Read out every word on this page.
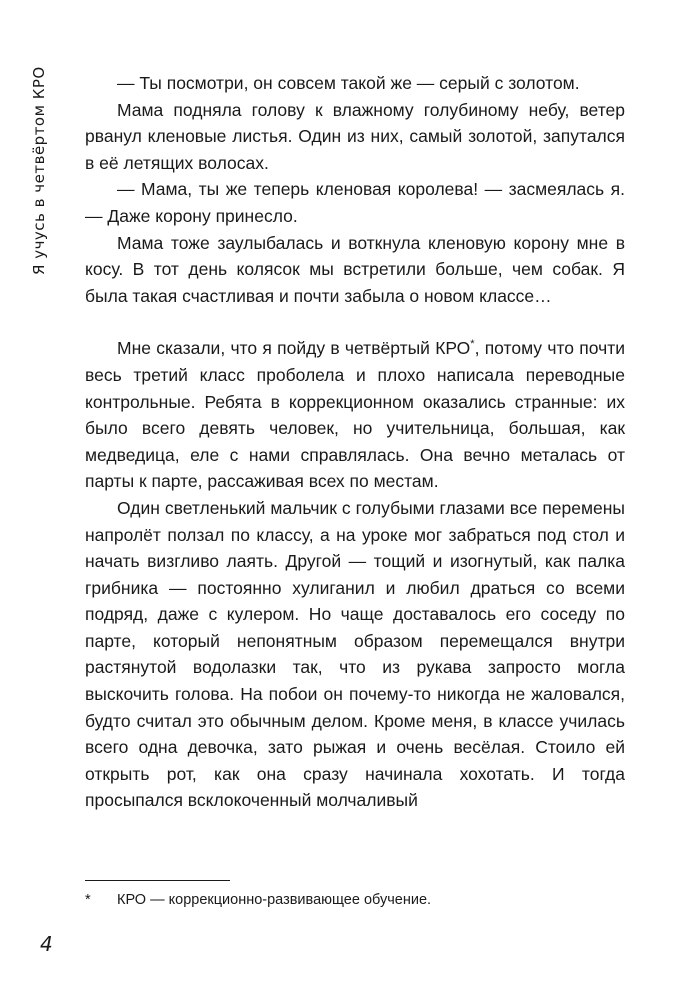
Я учусь в четвёртом КРО	— Ты посмотри, он совсем такой же — серый с золотом.

Мама подняла голову к влажному голубиному небу, ветер рванул кленовые листья. Один из них, самый золотой, запутался в её летящих волосах.

— Мама, ты же теперь кленовая королева! — засмеялась я. — Даже корону принесло.

Мама тоже заулыбалась и воткнула кленовую корону мне в косу. В тот день колясок мы встретили больше, чем собак. Я была такая счастливая и почти забыла о новом классе…

Мне сказали, что я пойду в четвёртый КРО*, потому что почти весь третий класс проболела и плохо написала переводные контрольные. Ребята в коррекционном оказались странные: их было всего девять человек, но учительница, большая, как медведица, еле с нами справлялась. Она вечно металась от парты к парте, рассаживая всех по местам.

Один светленький мальчик с голубыми глазами все перемены напролёт ползал по классу, а на уроке мог забраться под стол и начать визгливо лаять. Другой — тощий и изогнутый, как палка грибника — постоянно хулиганил и любил драться со всеми подряд, даже с кулером. Но чаще доставалось его соседу по парте, который непонятным образом перемещался внутри растянутой водолазки так, что из рукава запросто могла выскочить голова. На побои он почему-то никогда не жаловался, будто считал это обычным делом. Кроме меня, в классе училась всего одна девочка, зато рыжая и очень весёлая. Стоило ей открыть рот, как она сразу начинала хохотать. И тогда просыпался всклокоченный молчаливый

*	КРО — коррекционно-развивающее обучение.
4
